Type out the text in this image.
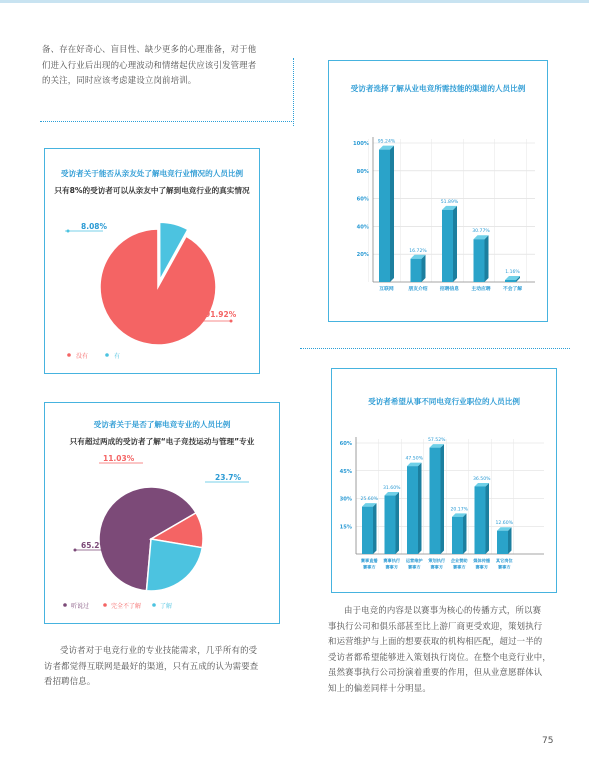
备、存在好奇心、盲目性、缺少更多的心理准备，对于他
们进入行业后出现的心理波动和情绪起伏应该引发管理者
的关注，同时应该考虑建设立岗前培训。
受访者关于能否从亲友处了解电竞行业情况的人员比例
只有8%的受访者可以从亲友中了解到电竞行业的真实情况
8.08%
91.92%
没有	有
受访者关于是否了解电竞专业的人员比例
只有超过两成的受访者了解“电子竞技运动与管理”专业
11.03%
23.7%
65.2%
听说过	完全不了解	了解
受访者对于电竞行业的专业技能需求，几乎所有的受
访者都觉得互联网是最好的渠道，只有五成的认为需要查
看招聘信息。
受访者选择了解从业电竞所需技能的渠道的人员比例
100%
80%
60%
40%
20%
95.24%
互联网
16.72%
朋友介绍
51.89%
招聘信息
30.77%
主动应聘
1.16%
不会了解
受访者希望从事不同电竞行业职位的人员比例
60%
45%
30%
15%
25.60%
赛事直播
赛事方
31.60%
赛事执行
赛事方
47.50%
运营维护
赛事方
57.52%
策划执行
赛事方
20.17%
企业赞助
赛事方
36.50%
媒体传播
赛事方
12.60%
其它岗位
赛事方
由于电竞的内容是以赛事为核心的传播方式，所以赛
事执行公司和俱乐部甚至比上游厂商更受欢迎，策划执行
和运营维护与上面的想要获取的机构相匹配，超过一半的
受访者都希望能够进入策划执行岗位。在整个电竞行业中，
虽然赛事执行公司扮演着重要的作用，但从业意愿群体认
知上的偏差同样十分明显。
75
